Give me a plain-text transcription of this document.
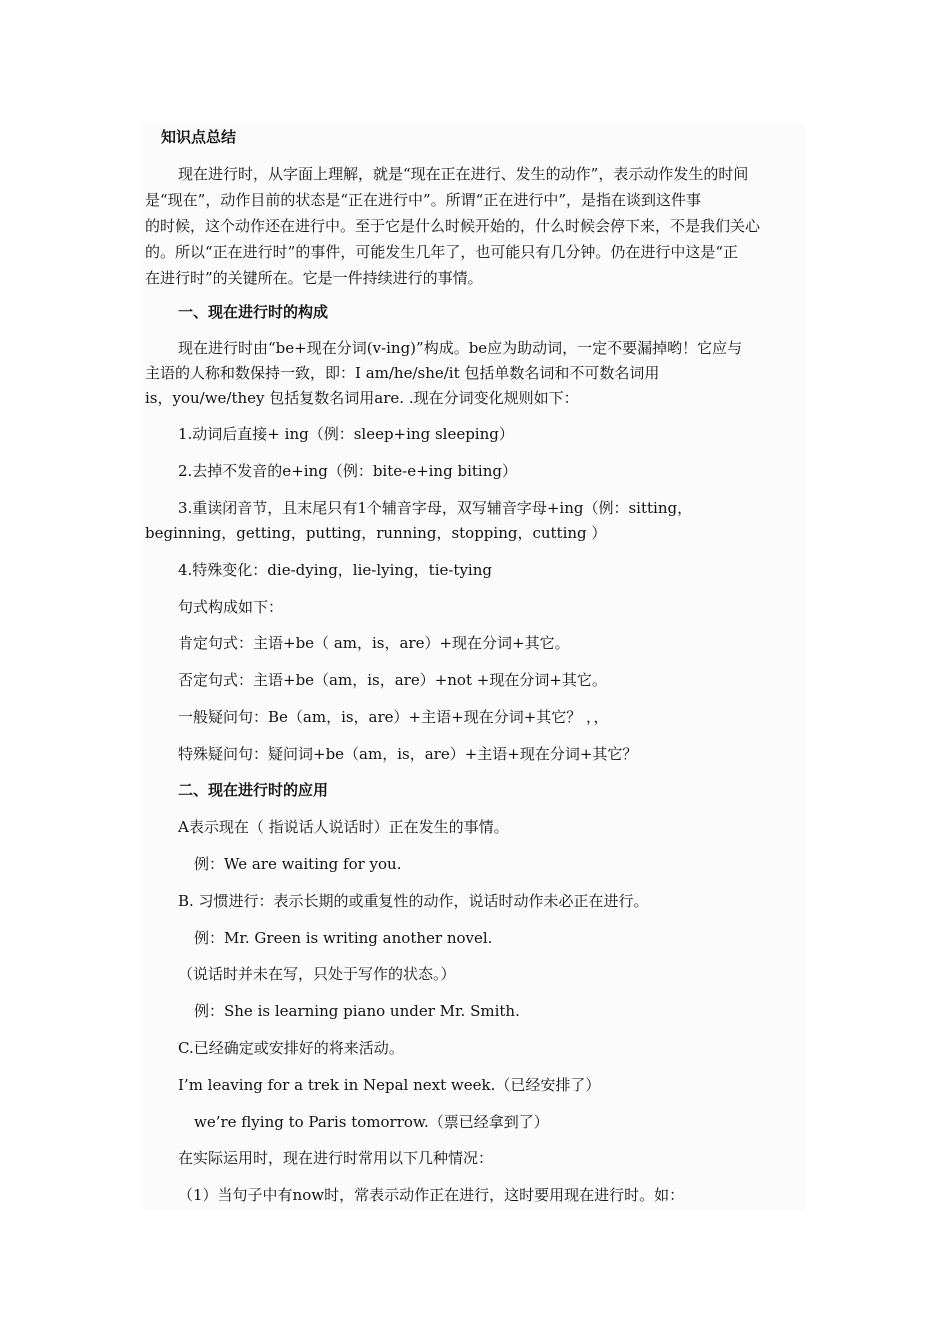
知识点总结

现在进行时，从字面上理解，就是“现在正在进行、发生的动作”，表示动作发生的时间

是“现在”，动作目前的状态是“正在进行中”。所谓“正在进行中”，是指在谈到这件事

的时候，这个动作还在进行中。至于它是什么时候开始的，什么时候会停下来，不是我们关心

的。所以“正在进行时”的事件，可能发生几年了，也可能只有几分钟。仍在进行中这是“正

在进行时”的关键所在。它是一件持续进行的事情。

一、现在进行时的构成

现在进行时由“be+现在分词(v-ing)”构成。be应为助动词，一定不要漏掉哟！它应与

主语的人称和数保持一致，即：I am/he/she/it 包括单数名词和不可数名词用

is，you/we/they 包括复数名词用are. .现在分词变化规则如下：

1.动词后直接+ ing（例：sleep+ing sleeping）

2.去掉不发音的e+ing（例：bite-e+ing biting）

3.重读闭音节，且末尾只有1个辅音字母，双写辅音字母+ing（例：sitting，

beginning，getting，putting，running，stopping，cutting ）

4.特殊变化：die-dying，lie-lying，tie-tying

句式构成如下：

肯定句式：主语+be（ am，is，are）+现在分词+其它。

否定句式：主语+be（am，is，are）+not +现在分词+其它。

一般疑问句：Be（am，is，are）+主语+现在分词+其它？ ，，

特殊疑问句：疑问词+be（am，is，are）+主语+现在分词+其它？

二、现在进行时的应用

A表示现在（ 指说话人说话时）正在发生的事情。

例：We are waiting for you.

B. 习惯进行：表示长期的或重复性的动作，说话时动作未必正在进行。

例：Mr. Green is writing another novel.

（说话时并未在写，只处于写作的状态。）

例：She is learning piano under Mr. Smith.

C.已经确定或安排好的将来活动。

I’m leaving for a trek in Nepal next week.（已经安排了）

we’re flying to Paris tomorrow.（票已经拿到了）

在实际运用时，现在进行时常用以下几种情况：

（1）当句子中有now时，常表示动作正在进行，这时要用现在进行时。如：
